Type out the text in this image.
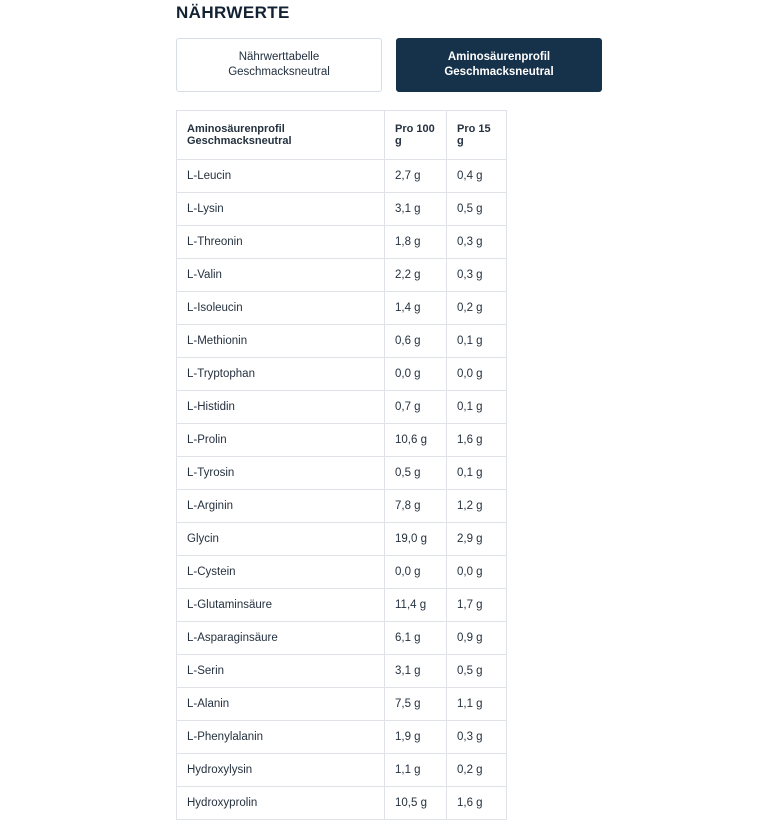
NÄHRWERTE
Nährwerttabelle
Geschmacksneutral
Aminosäurenprofil
Geschmacksneutral
Aminosäurenprofil Geschmacksneutral	Pro 100 g	Pro 15 g
L-Leucin	2,7 g	0,4 g
L-Lysin	3,1 g	0,5 g
L-Threonin	1,8 g	0,3 g
L-Valin	2,2 g	0,3 g
L-Isoleucin	1,4 g	0,2 g
L-Methionin	0,6 g	0,1 g
L-Tryptophan	0,0 g	0,0 g
L-Histidin	0,7 g	0,1 g
L-Prolin	10,6 g	1,6 g
L-Tyrosin	0,5 g	0,1 g
L-Arginin	7,8 g	1,2 g
Glycin	19,0 g	2,9 g
L-Cystein	0,0 g	0,0 g
L-Glutaminsäure	11,4 g	1,7 g
L-Asparaginsäure	6,1 g	0,9 g
L-Serin	3,1 g	0,5 g
L-Alanin	7,5 g	1,1 g
L-Phenylalanin	1,9 g	0,3 g
Hydroxylysin	1,1 g	0,2 g
Hydroxyprolin	10,5 g	1,6 g
